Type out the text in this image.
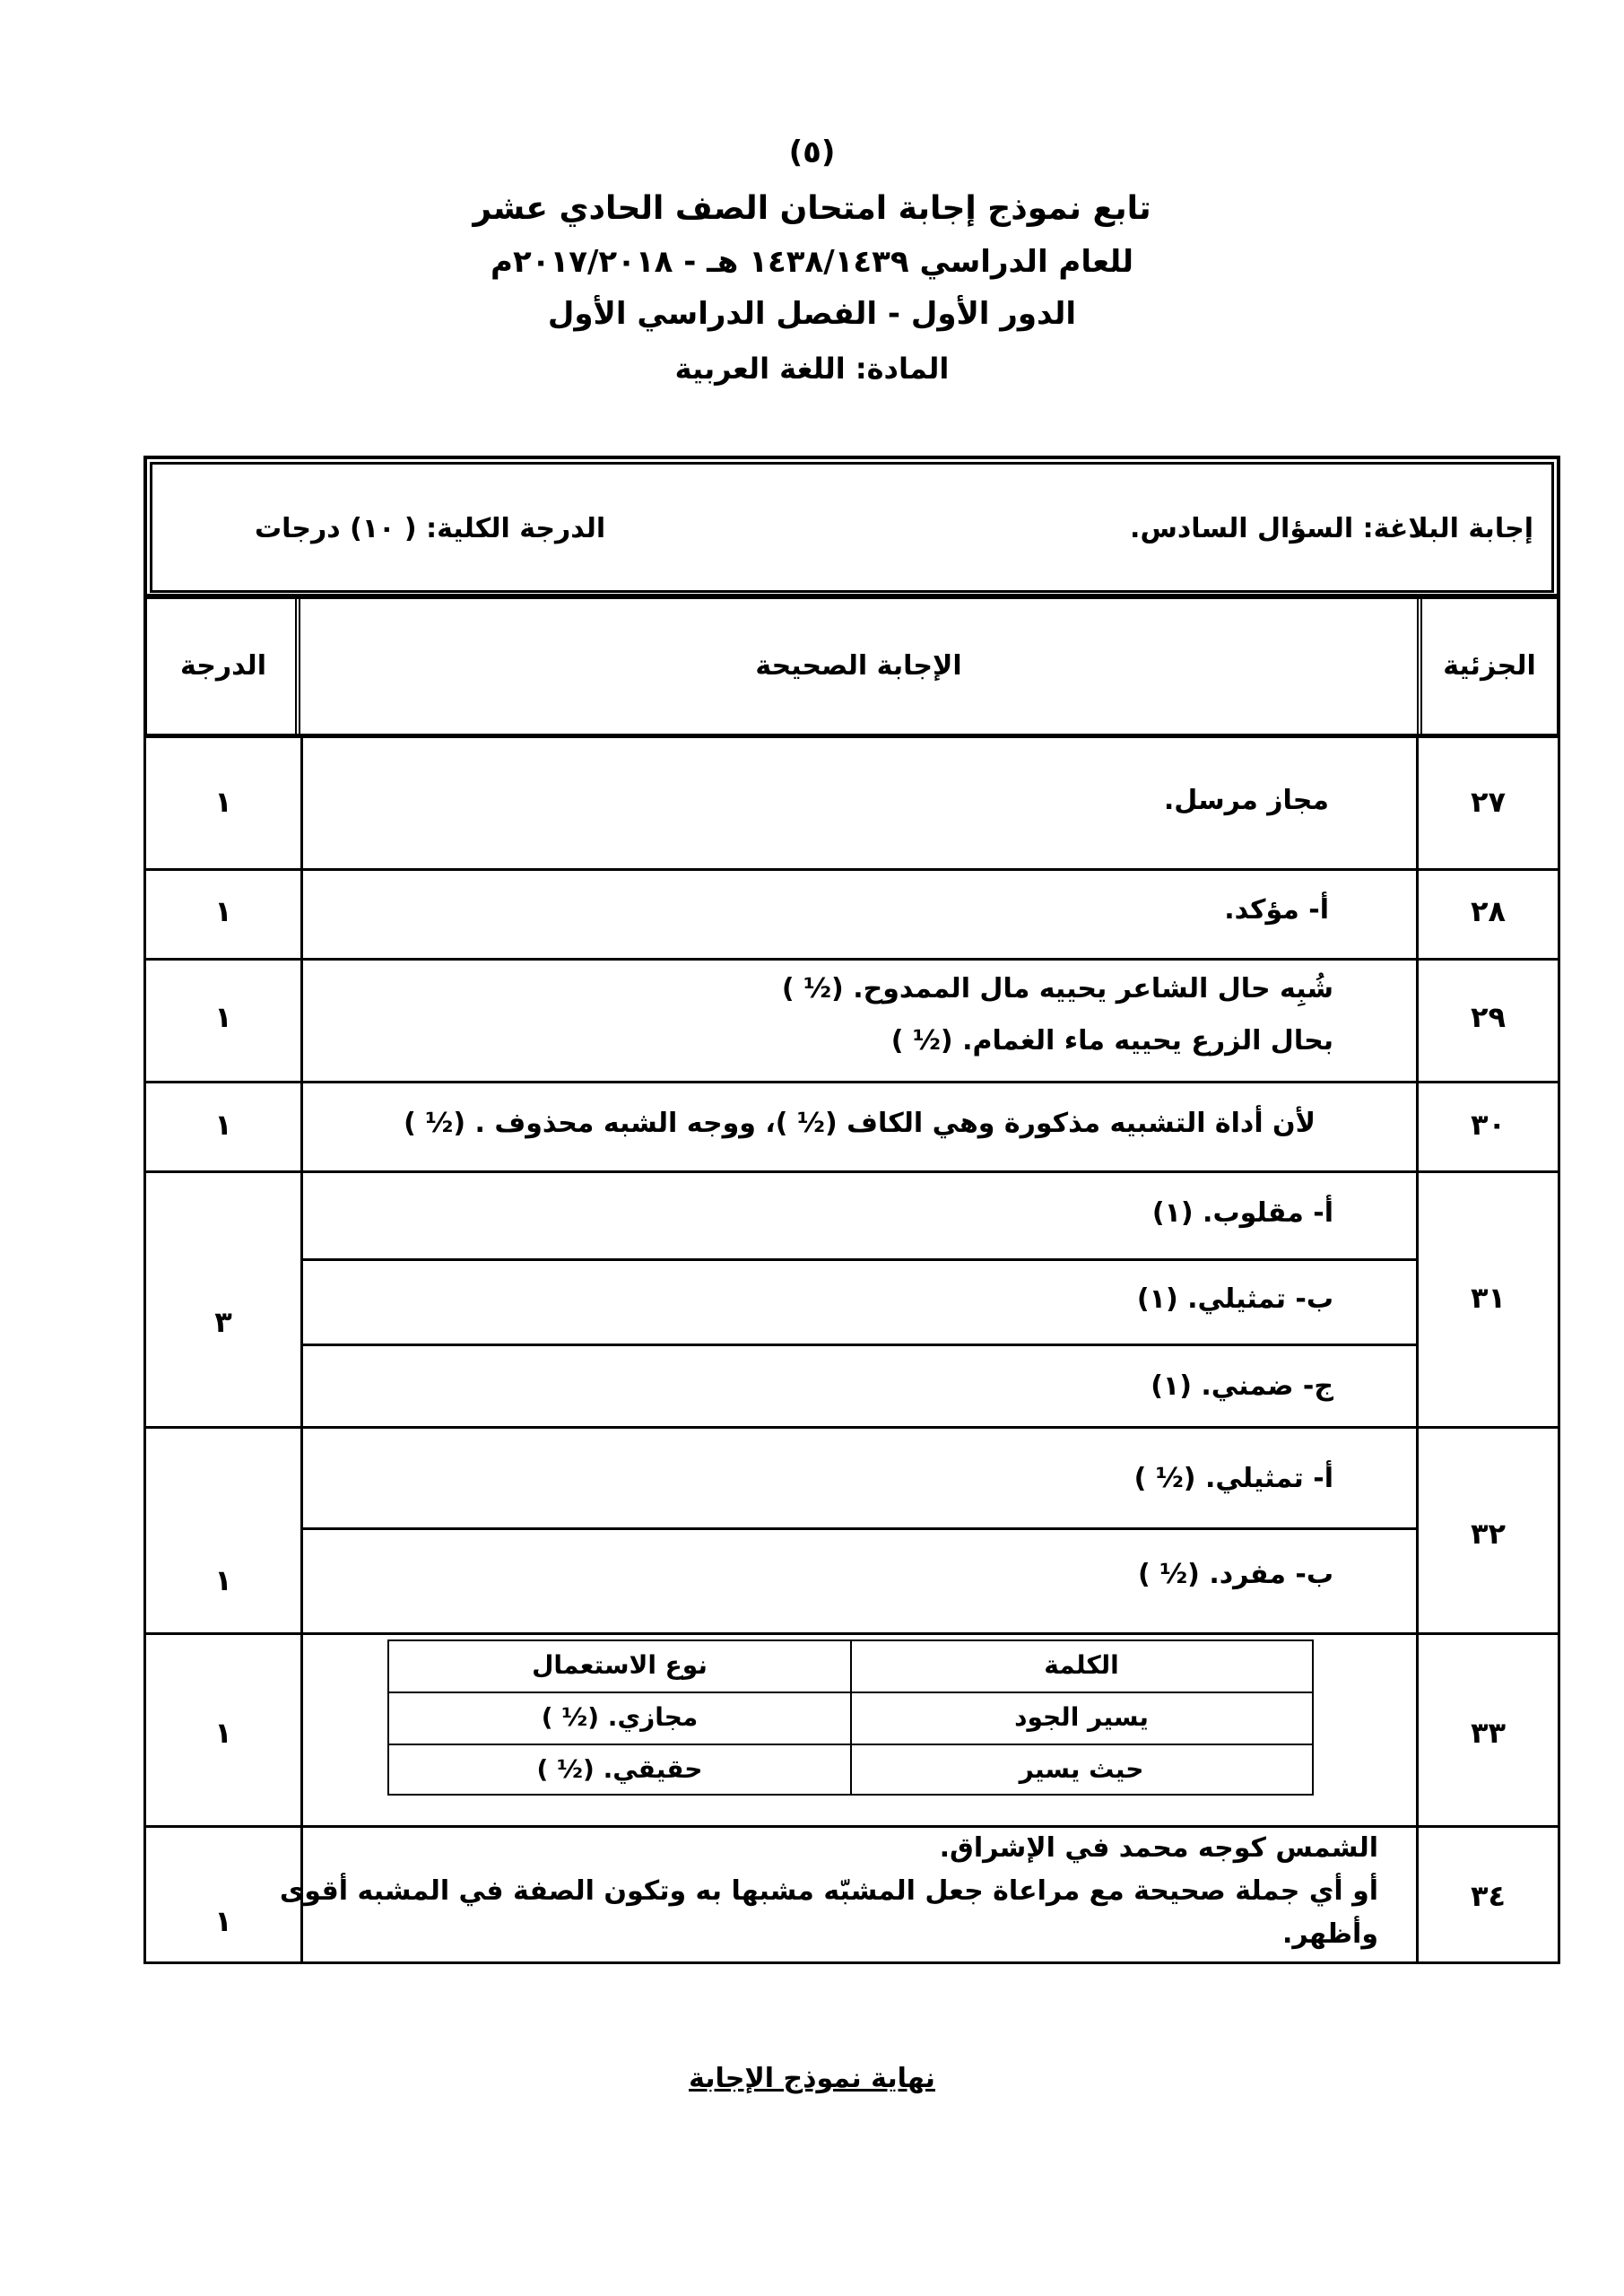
(٥)
تابع نموذج إجابة امتحان الصف الحادي عشر
للعام الدراسي ١٤٣٨/١٤٣٩ هـ - ٢٠١٧/٢٠١٨م
الدور الأول - الفصل الدراسي الأول
المادة: اللغة العربية
إجابة البلاغة: السؤال السادس.
الدرجة الكلية: ( ١٠) درجات
الجزئية
الإجابة الصحيحة
الدرجة
٢٧
مجاز مرسل.
١
٢٨
أ- مؤكد.
١
٢٩
شُبِه حال الشاعر يحييه مال الممدوح. (½ )
بحال الزرع يحييه ماء الغمام. (½ )
١
٣٠
لأن أداة التشبيه مذكورة وهي الكاف (½ )، ووجه الشبه محذوف . (½ )
١
٣١
أ- مقلوب. (١)
ب- تمثيلي. (١)
ج- ضمني. (١)
٣
٣٢
أ- تمثيلي. (½ )
ب- مفرد. (½ )
١
٣٣
١
٣٤
الشمس كوجه محمد في الإشراق.
أو أي جملة صحيحة مع مراعاة جعل المشبّه مشبها به وتكون الصفة في المشبه أقوى
وأظهر.
١
الكلمة
نوع الاستعمال
يسير الجود
مجازي. (½ )
حيث يسير
حقيقي. (½ )
نهاية نموذج الإجابة
